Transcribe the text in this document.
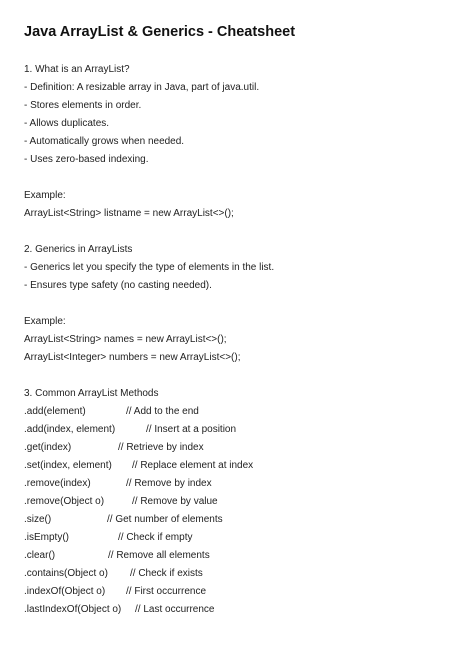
Java ArrayList & Generics - Cheatsheet
1. What is an ArrayList?
- Definition: A resizable array in Java, part of java.util.
- Stores elements in order.
- Allows duplicates.
- Automatically grows when needed.
- Uses zero-based indexing.
Example:
ArrayList<String> listname = new ArrayList<>();
2. Generics in ArrayLists
- Generics let you specify the type of elements in the list.
- Ensures type safety (no casting needed).
Example:
ArrayList<String> names = new ArrayList<>();
ArrayList<Integer> numbers = new ArrayList<>();
3. Common ArrayList Methods
.add(element)	// Add to the end
.add(index, element)	// Insert at a position
.get(index)	// Retrieve by index
.set(index, element) // Replace element at index
.remove(index)	// Remove by index
.remove(Object o)	// Remove by value
.size()	// Get number of elements
.isEmpty()	// Check if empty
.clear()	// Remove all elements
.contains(Object o) // Check if exists
.indexOf(Object o) // First occurrence
.lastIndexOf(Object o) // Last occurrence
